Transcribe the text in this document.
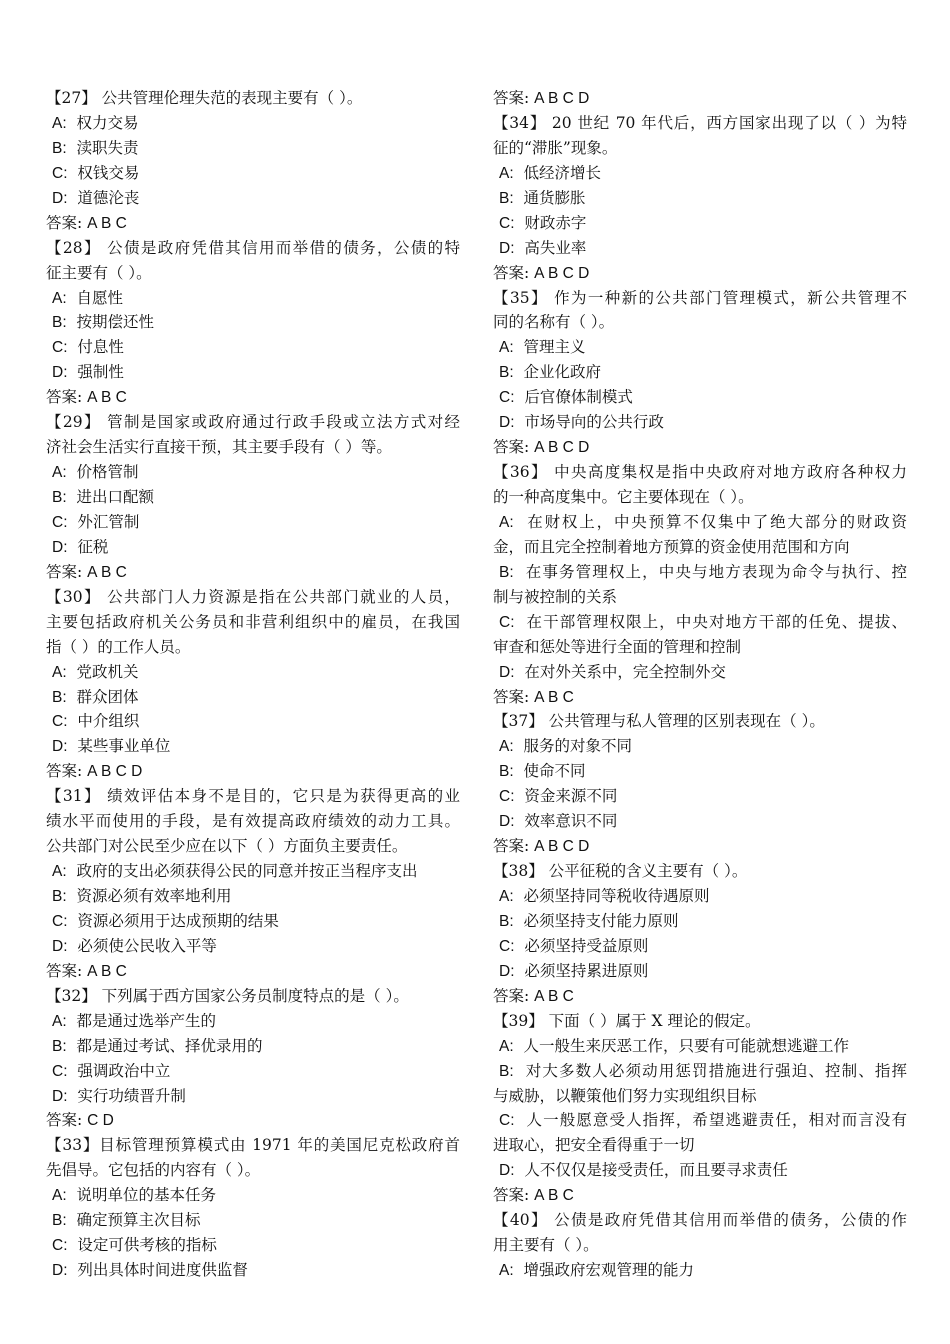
【27】 公共管理伦理失范的表现主要有（ ）。
A: 权力交易
B: 渎职失责
C: 权钱交易
D: 道德沦丧
答案: A B C
【28】 公债是政府凭借其信用而举借的债务，公债的特
征主要有（ ）。
A: 自愿性
B: 按期偿还性
C: 付息性
D: 强制性
答案: A B C
【29】 管制是国家或政府通过行政手段或立法方式对经
济社会生活实行直接干预，其主要手段有（ ）等。
A: 价格管制
B: 进出口配额
C: 外汇管制
D: 征税
答案: A B C
【30】 公共部门人力资源是指在公共部门就业的人员，
主要包括政府机关公务员和非营利组织中的雇员，在我国
指（ ）的工作人员。
A: 党政机关
B: 群众团体
C: 中介组织
D: 某些事业单位
答案: A B C D
【31】 绩效评估本身不是目的，它只是为获得更高的业
绩水平而使用的手段，是有效提高政府绩效的动力工具。
公共部门对公民至少应在以下（ ）方面负主要责任。
A: 政府的支出必须获得公民的同意并按正当程序支出
B: 资源必须有效率地利用
C: 资源必须用于达成预期的结果
D: 必须使公民收入平等
答案: A B C
【32】 下列属于西方国家公务员制度特点的是（ ）。
A: 都是通过选举产生的
B: 都是通过考试、择优录用的
C: 强调政治中立
D: 实行功绩晋升制
答案: C D
【33】目标管理预算模式由 1971 年的美国尼克松政府首
先倡导。它包括的内容有（ ）。
A: 说明单位的基本任务
B: 确定预算主次目标
C: 设定可供考核的指标
D: 列出具体时间进度供监督
答案: A B C D
【34】 20 世纪 70 年代后，西方国家出现了以（ ）为特
征的“滞胀”现象。
A: 低经济增长
B: 通货膨胀
C: 财政赤字
D: 高失业率
答案: A B C D
【35】 作为一种新的公共部门管理模式，新公共管理不
同的名称有（ ）。
A: 管理主义
B: 企业化政府
C: 后官僚体制模式
D: 市场导向的公共行政
答案: A B C D
【36】 中央高度集权是指中央政府对地方政府各种权力
的一种高度集中。它主要体现在（ ）。
A: 在财权上，中央预算不仅集中了绝大部分的财政资
金，而且完全控制着地方预算的资金使用范围和方向
B: 在事务管理权上，中央与地方表现为命令与执行、控
制与被控制的关系
C: 在干部管理权限上，中央对地方干部的任免、提拔、
审查和惩处等进行全面的管理和控制
D: 在对外关系中，完全控制外交
答案: A B C
【37】 公共管理与私人管理的区别表现在（ ）。
A: 服务的对象不同
B: 使命不同
C: 资金来源不同
D: 效率意识不同
答案: A B C D
【38】 公平征税的含义主要有（ ）。
A: 必须坚持同等税收待遇原则
B: 必须坚持支付能力原则
C: 必须坚持受益原则
D: 必须坚持累进原则
答案: A B C
【39】 下面（ ）属于 X 理论的假定。
A: 人一般生来厌恶工作，只要有可能就想逃避工作
B: 对大多数人必须动用惩罚措施进行强迫、控制、指挥
与威胁，以鞭策他们努力实现组织目标
C: 人一般愿意受人指挥，希望逃避责任，相对而言没有
进取心，把安全看得重于一切
D: 人不仅仅是接受责任，而且要寻求责任
答案: A B C
【40】 公债是政府凭借其信用而举借的债务，公债的作
用主要有（ ）。
A: 增强政府宏观管理的能力
